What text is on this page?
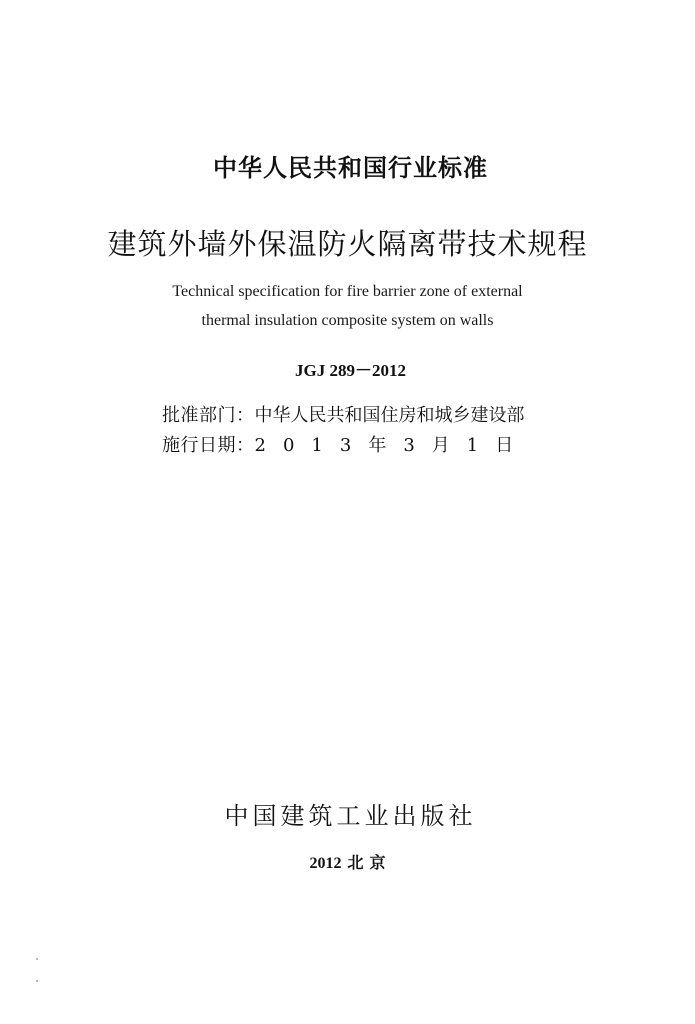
中华人民共和国行业标准
建筑外墙外保温防火隔离带技术规程
Technical specification for fire barrier zone of external
thermal insulation composite system on walls
JGJ 289－2012
批准部门：中华人民共和国住房和城乡建设部
施行日期：2 0 1 3 年 3 月 1 日
中国建筑工业出版社
2012 北京
